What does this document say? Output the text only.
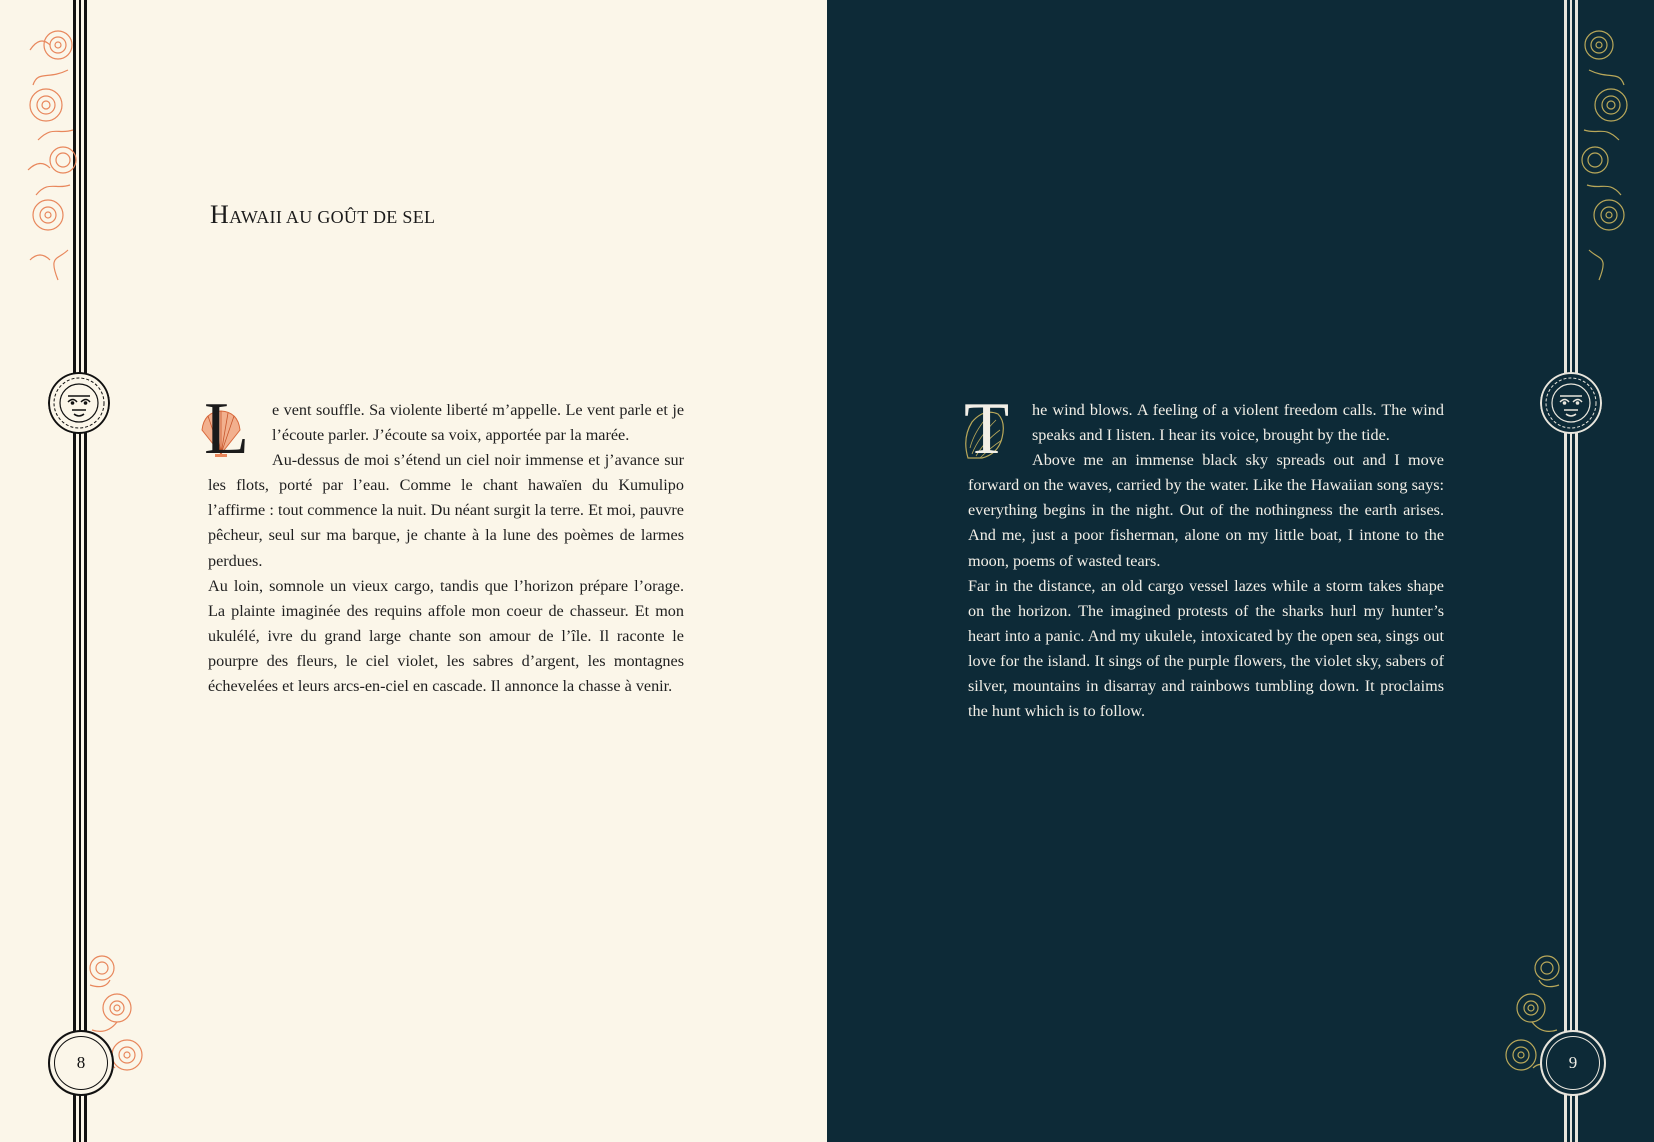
8
HAWAII AU GOÛT DE SEL
L	e vent souffle. Sa violente liberté m’appelle. Le vent parle et je l’écoute parler. J’écoute sa voix, apportée par la marée.

Au-dessus de moi s’étend un ciel noir immense et j’avance sur les flots, porté par l’eau. Comme le chant hawaïen du Kumulipo l’affirme : tout commence la nuit. Du néant surgit la terre. Et moi, pauvre pêcheur, seul sur ma barque, je chante à la lune des poèmes de larmes perdues.

Au loin, somnole un vieux cargo, tandis que l’horizon prépare l’orage. La plainte imaginée des requins affole mon coeur de chasseur. Et mon ukulélé, ivre du grand large chante son amour de l’île. Il raconte le pourpre des fleurs, le ciel violet, les sabres d’argent, les montagnes échevelées et leurs arcs-en-ciel en cascade. Il annonce la chasse à venir.

9
T	he wind blows. A feeling of a violent freedom calls. The wind speaks and I listen. I hear its voice, brought by the tide.

Above me an immense black sky spreads out and I move forward on the waves, carried by the water. Like the Hawaiian song says: everything begins in the night. Out of the nothingness the earth arises. And me, just a poor fisherman, alone on my little boat, I intone to the moon, poems of wasted tears.

Far in the distance, an old cargo vessel lazes while a storm takes shape on the horizon. The imagined protests of the sharks hurl my hunter’s heart into a panic. And my ukulele, intoxicated by the open sea, sings out love for the island. It sings of the purple flowers, the violet sky, sabers of silver, mountains in disarray and rainbows tumbling down. It proclaims the hunt which is to follow.
